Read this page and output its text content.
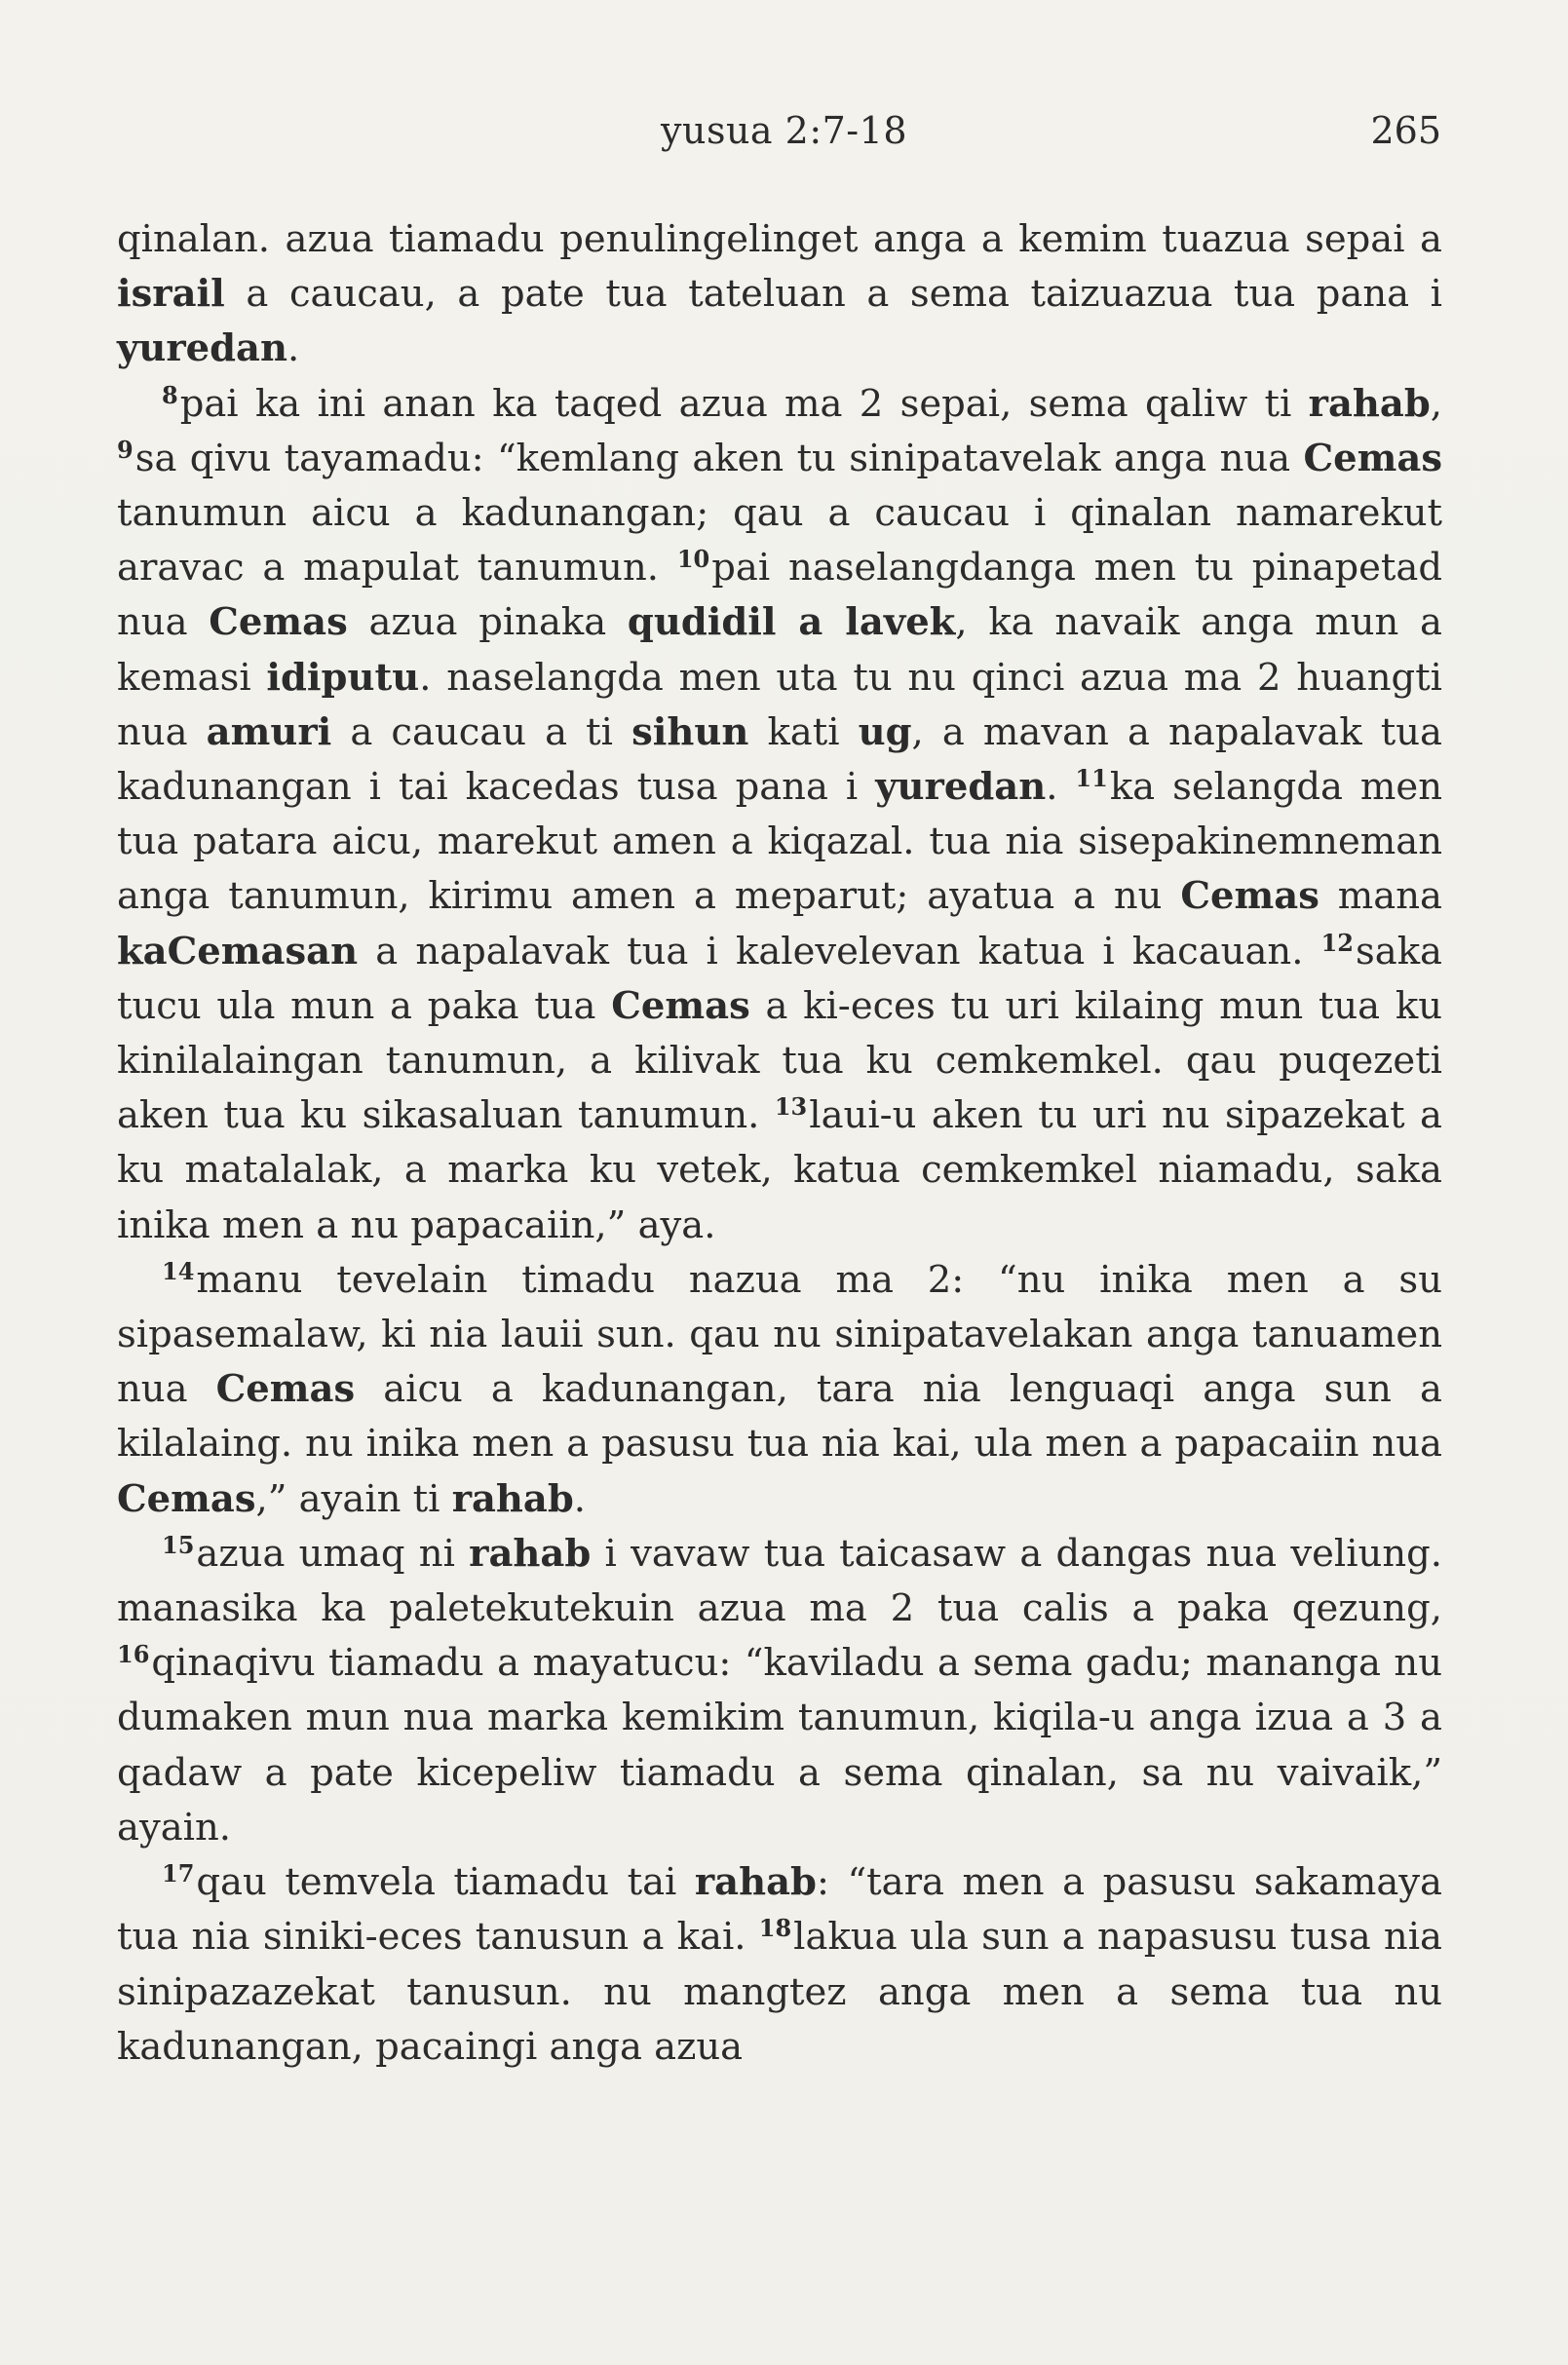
yusua 2:7-18	265

qinalan. azua tiamadu penulingelinget anga a kemim tuazua sepai a israil a caucau, a pate tua tateluan a sema taizuazua tua pana i yuredan.

$^8$pai ka ini anan ka taqed azua ma 2 sepai, sema qaliw ti rahab, $^9$sa qivu tayamadu: “kemlang aken tu sinipatavelak anga nua Cemas tanumun aicu a kadunangan; qau a caucau i qinalan namarekut aravac a mapulat tanumun. $^{10}$pai naselangdanga men tu pinapetad nua Cemas azua pinaka qudidil a lavek, ka navaik anga mun a kemasi idiputu. naselangda men uta tu nu qinci azua ma 2 huangti nua amuri a caucau a ti sihun kati ug, a mavan a napalavak tua kadunangan i tai kacedas tusa pana i yuredan. $^{11}$ka selangda men tua patara aicu, marekut amen a kiqazal. tua nia sisepakinemneman anga tanumun, kirimu amen a meparut; ayatua a nu Cemas mana kaCemasan a napalavak tua i kalevelevan katua i kacauan. $^{12}$saka tucu ula mun a paka tua Cemas a ki-eces tu uri kilaing mun tua ku kinilalaingan tanumun, a kilivak tua ku cemkemkel. qau puqezeti aken tua ku sikasaluan tanumun. $^{13}$laui-u aken tu uri nu sipazekat a ku matalalak, a marka ku vetek, katua cemkemkel niamadu, saka inika men a nu papacaiin,” aya.

$^{14}$manu tevelain timadu nazua ma 2: “nu inika men a su sipasemalaw, ki nia lauii sun. qau nu sinipatavelakan anga tanuamen nua Cemas aicu a kadunangan, tara nia lenguaqi anga sun a kilalaing. nu inika men a pasusu tua nia kai, ula men a papacaiin nua Cemas,” ayain ti rahab.

$^{15}$azua umaq ni rahab i vavaw tua taicasaw a dangas nua veliung. manasika ka paletekutekuin azua ma 2 tua calis a paka qezung, $^{16}$qinaqivu tiamadu a mayatucu: “kaviladu a sema gadu; mananga nu dumaken mun nua marka kemikim tanumun, kiqila-u anga izua a 3 a qadaw a pate kicepeliw tiamadu a sema qinalan, sa nu vaivaik,” ayain.

$^{17}$qau temvela tiamadu tai rahab: “tara men a pasusu sakamaya tua nia siniki-eces tanusun a kai. $^{18}$lakua ula sun a napasusu tusa nia sinipazazekat tanusun. nu mangtez anga men a sema tua nu kadunangan, pacaingi anga azua
